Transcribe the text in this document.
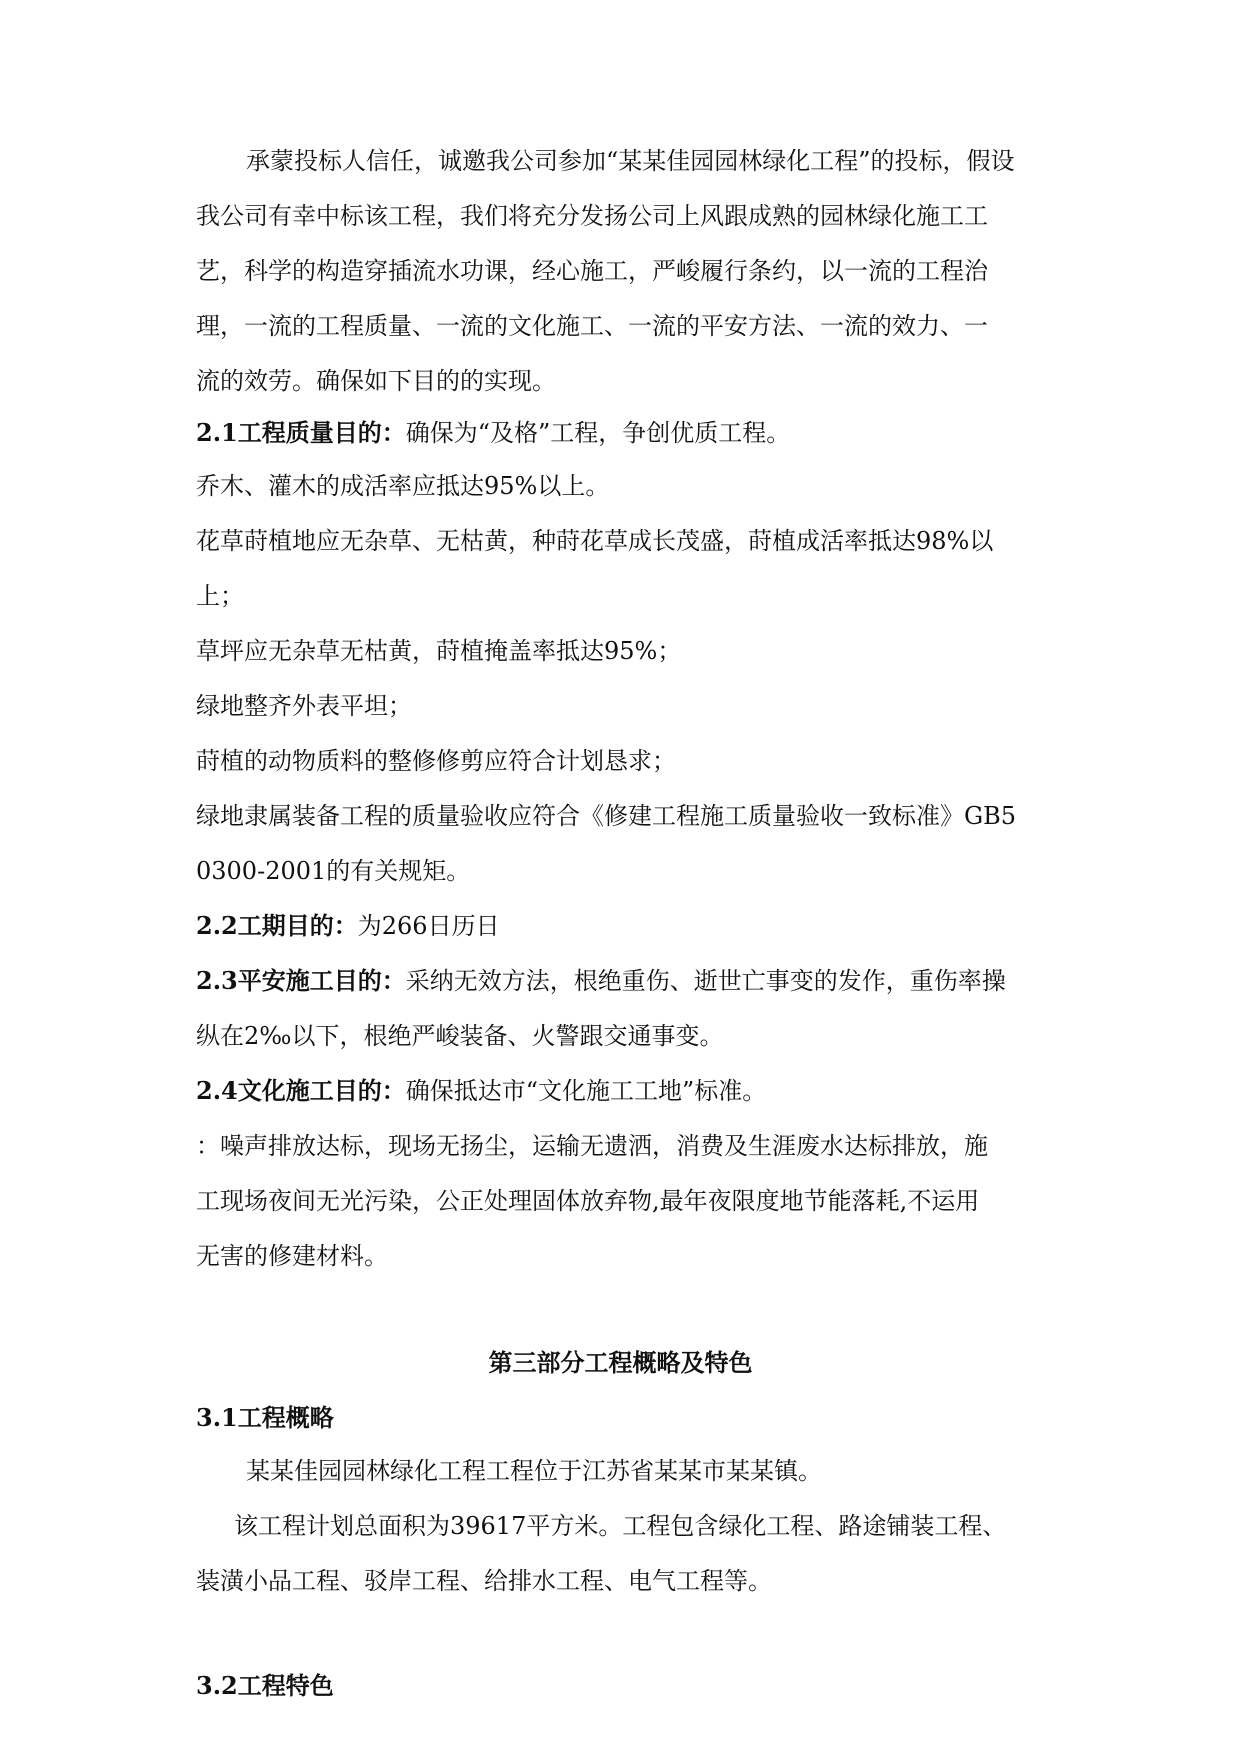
承蒙投标人信任，诚邀我公司参加“某某佳园园林绿化工程”的投标，假设
我公司有幸中标该工程，我们将充分发扬公司上风跟成熟的园林绿化施工工
艺，科学的构造穿插流水功课，经心施工，严峻履行条约，以一流的工程治
理，一流的工程质量、一流的文化施工、一流的平安方法、一流的效力、一
流的效劳。确保如下目的的实现。
2.1工程质量目的：确保为“及格”工程，争创优质工程。
乔木、灌木的成活率应抵达95%以上。
花草莳植地应无杂草、无枯黄，种莳花草成长茂盛，莳植成活率抵达98%以
上；
草坪应无杂草无枯黄，莳植掩盖率抵达95%；
绿地整齐外表平坦；
莳植的动物质料的整修修剪应符合计划恳求；
绿地隶属装备工程的质量验收应符合《修建工程施工质量验收一致标准》GB5
0300-2001的有关规矩。
2.2工期目的：为266日历日
2.3平安施工目的：采纳无效方法，根绝重伤、逝世亡事变的发作，重伤率操
纵在2‰以下，根绝严峻装备、火警跟交通事变。
2.4文化施工目的：确保抵达市“文化施工工地”标准。
：噪声排放达标，现场无扬尘，运输无遗洒，消费及生涯废水达标排放，施
工现场夜间无光污染，公正处理固体放弃物,最年夜限度地节能落耗,不运用
无害的修建材料。
第三部分工程概略及特色
3.1工程概略
某某佳园园林绿化工程工程位于江苏省某某市某某镇。
该工程计划总面积为39617平方米。工程包含绿化工程、路途铺装工程、
装潢小品工程、驳岸工程、给排水工程、电气工程等。
3.2工程特色
